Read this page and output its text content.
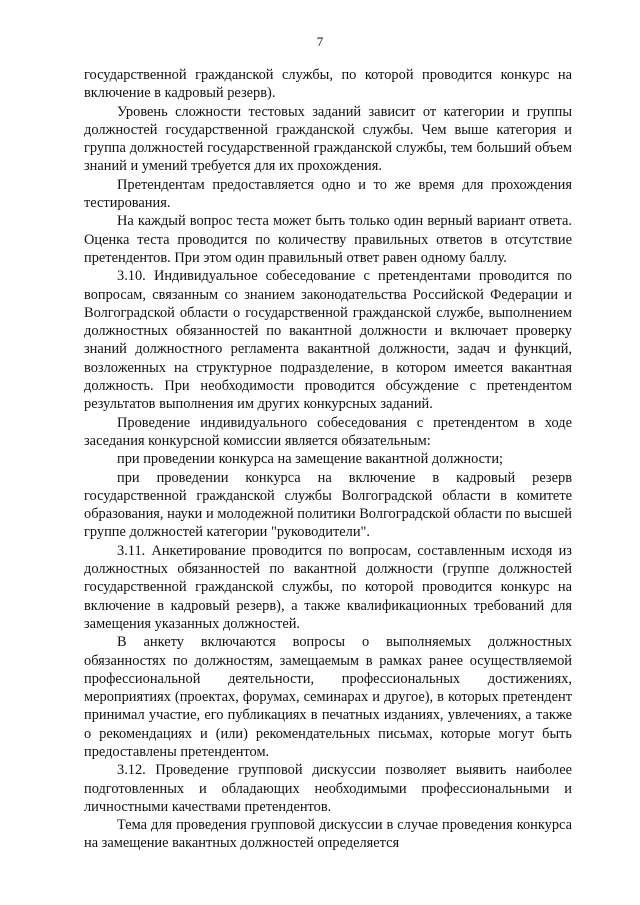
7

государственной гражданской службы, по которой проводится конкурс на включение в кадровый резерв).

Уровень сложности тестовых заданий зависит от категории и группы должностей государственной гражданской службы. Чем выше категория и группа должностей государственной гражданской службы, тем больший объем знаний и умений требуется для их прохождения.

Претендентам предоставляется одно и то же время для прохождения тестирования.

На каждый вопрос теста может быть только один верный вариант ответа. Оценка теста проводится по количеству правильных ответов в отсутствие претендентов. При этом один правильный ответ равен одному баллу.

3.10. Индивидуальное собеседование с претендентами проводится по вопросам, связанным со знанием законодательства Российской Федерации и Волгоградской области о государственной гражданской службе, выполнением должностных обязанностей по вакантной должности и включает проверку знаний должностного регламента вакантной должности, задач и функций, возложенных на структурное подразделение, в котором имеется вакантная должность. При необходимости проводится обсуждение с претендентом результатов выполнения им других конкурсных заданий.

Проведение индивидуального собеседования с претендентом в ходе заседания конкурсной комиссии является обязательным:

при проведении конкурса на замещение вакантной должности;

при проведении конкурса на включение в кадровый резерв государственной гражданской службы Волгоградской области в комитете образования, науки и молодежной политики Волгоградской области по высшей группе должностей категории "руководители".

3.11. Анкетирование проводится по вопросам, составленным исходя из должностных обязанностей по вакантной должности (группе должностей государственной гражданской службы, по которой проводится конкурс на включение в кадровый резерв), а также квалификационных требований для замещения указанных должностей.

В анкету включаются вопросы о выполняемых должностных обязанностях по должностям, замещаемым в рамках ранее осуществляемой профессиональной деятельности, профессиональных достижениях, мероприятиях (проектах, форумах, семинарах и другое), в которых претендент принимал участие, его публикациях в печатных изданиях, увлечениях, а также о рекомендациях и (или) рекомендательных письмах, которые могут быть предоставлены претендентом.

3.12. Проведение групповой дискуссии позволяет выявить наиболее подготовленных и обладающих необходимыми профессиональными и личностными качествами претендентов.

Тема для проведения групповой дискуссии в случае проведения конкурса на замещение вакантных должностей определяется
